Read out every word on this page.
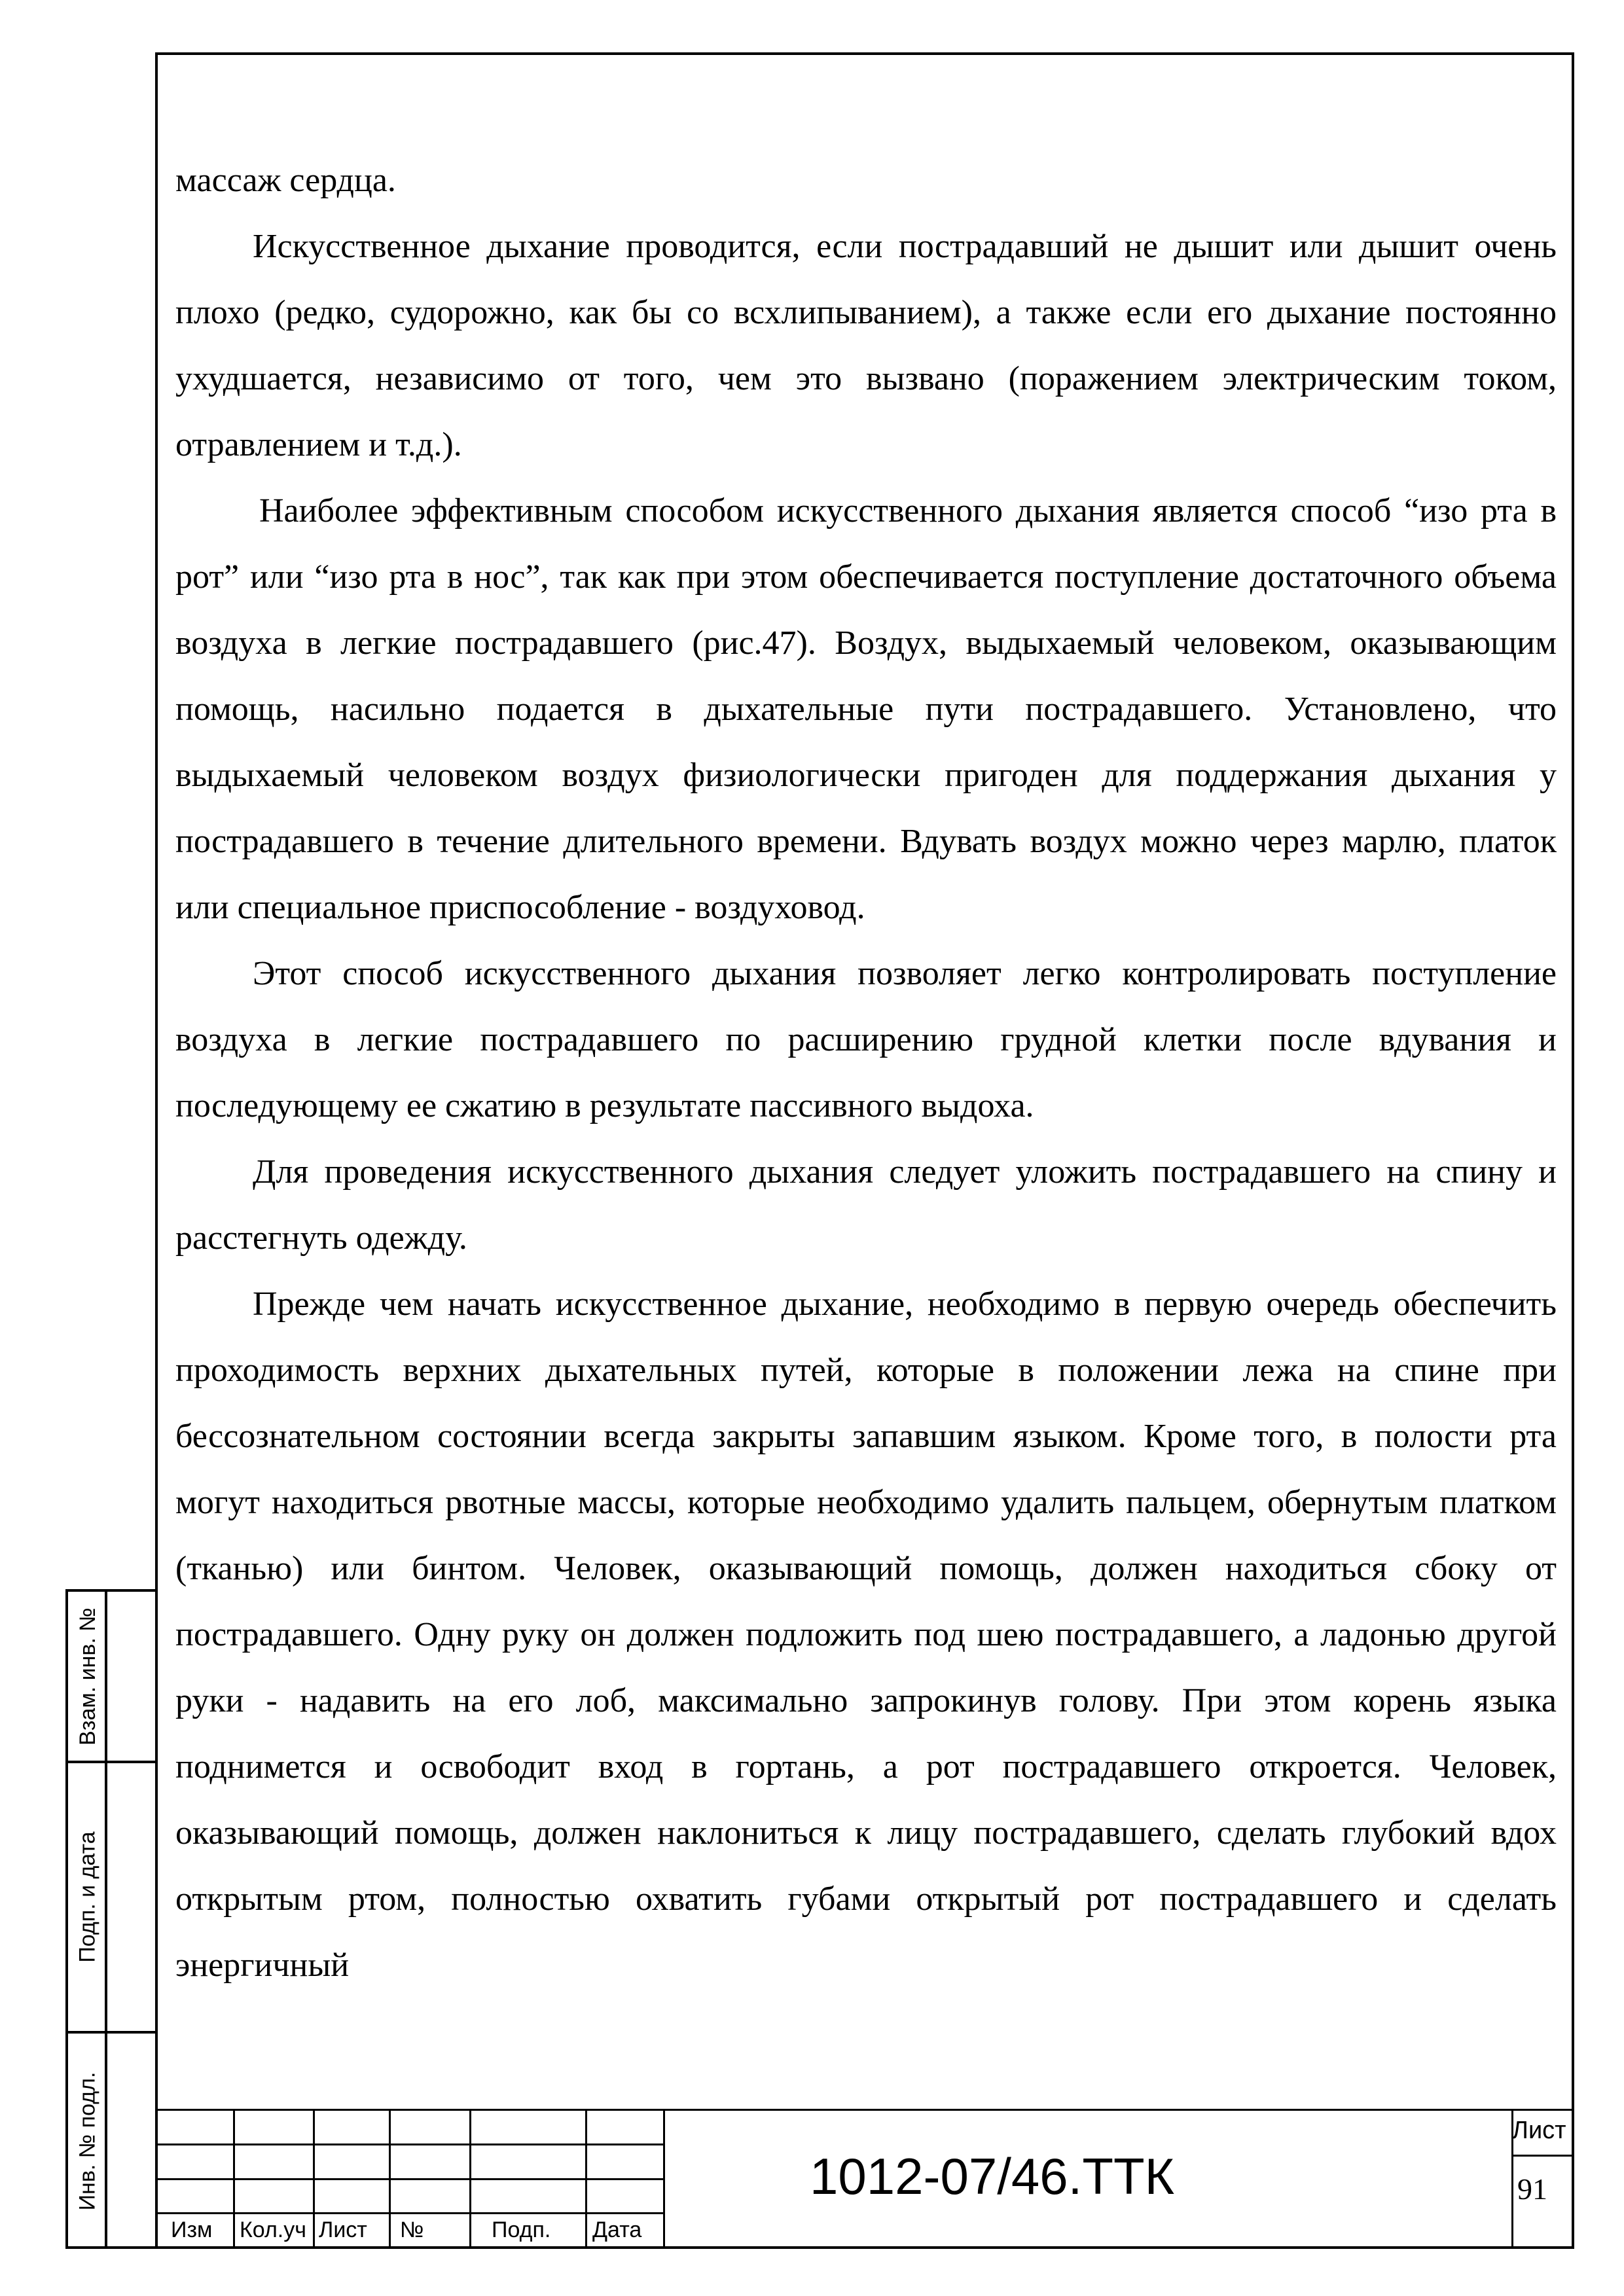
массаж сердца.

Искусственное дыхание проводится, если пострадавший не дышит или дышит очень плохо (редко, судорожно, как бы со всхлипыванием), а также если его дыхание постоянно ухудшается, независимо от того, чем это вызвано (поражением электрическим током, отравлением и т.д.).

Наиболее эффективным способом искусственного дыхания является способ “изо рта в рот” или “изо рта в нос”, так как при этом обеспечивается поступление достаточного объема воздуха в легкие пострадавшего (рис.47). Воздух, выдыхаемый человеком, оказывающим помощь, насильно подается в дыхательные пути пострадавшего. Установлено, что выдыхаемый человеком воздух физиологически пригоден для поддержания дыхания у пострадавшего в течение длительного времени. Вдувать воздух можно через марлю, платок или специальное приспособление - воздуховод.

Этот способ искусственного дыхания позволяет легко контролировать поступление воздуха в легкие пострадавшего по расширению грудной клетки после вдувания и последующему ее сжатию в результате пассивного выдоха.

Для проведения искусственного дыхания следует уложить пострадавшего на спину и расстегнуть одежду.

Прежде чем начать искусственное дыхание, необходимо в первую очередь обеспечить проходимость верхних дыхательных путей, которые в положении лежа на спине при бессознательном состоянии всегда закрыты запавшим языком. Кроме того, в полости рта могут находиться рвотные массы, которые необходимо удалить пальцем, обернутым платком (тканью) или бинтом. Человек, оказывающий помощь, должен находиться сбоку от пострадавшего. Одну руку он должен подложить под шею пострадавшего, а ладонью другой руки - надавить на его лоб, максимально запрокинув голову. При этом корень языка поднимется и освободит вход в гортань, а рот пострадавшего откроется. Человек, оказывающий помощь, должен наклониться к лицу пострадавшего, сделать глубокий вдох открытым ртом, полностью охватить губами открытый рот пострадавшего и сделать энергичный

Взам. инв. №
Подп. и дата
Инв. № подл.
Изм Кол.уч Лист №	Подп. Дата
1012-07/46.ТТК
Лист
91
